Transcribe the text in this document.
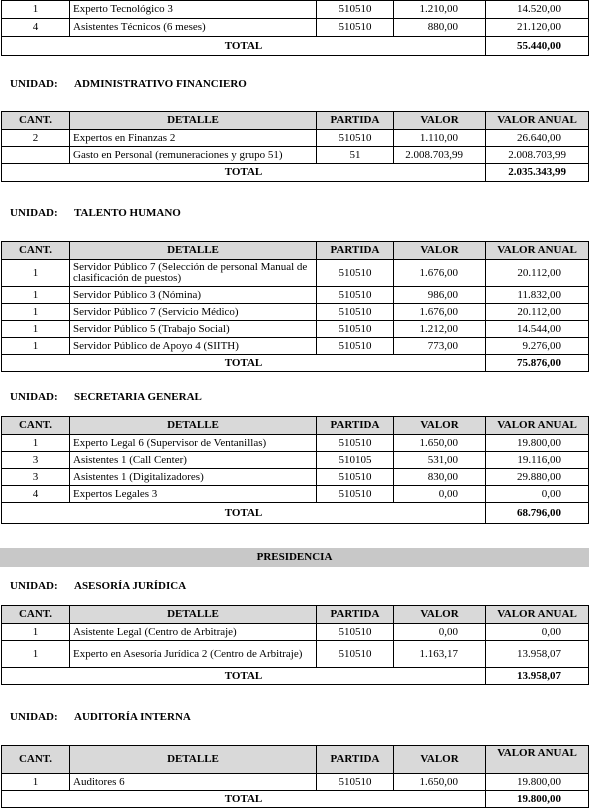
1	Experto Tecnológico 3	510510	1.210,00	14.520,00
4	Asistentes Técnicos (6 meses)	510510	880,00	21.120,00
TOTAL				55.440,00
UNIDAD: ADMINISTRATIVO FINANCIERO
CANT.	DETALLE	PARTIDA	VALOR	VALOR ANUAL
2	Expertos en Finanzas 2	510510	1.110,00	26.640,00
	Gasto en Personal (remuneraciones y grupo 51)	51	2.008.703,99	2.008.703,99
TOTAL				2.035.343,99
UNIDAD: TALENTO HUMANO
CANT.	DETALLE	PARTIDA	VALOR	VALOR ANUAL
1	Servidor Público 7 (Selección de personal Manual de clasificación de puestos)	510510	1.676,00	20.112,00
1	Servidor Público 3 (Nómina)	510510	986,00	11.832,00
1	Servidor Público 7 (Servicio Médico)	510510	1.676,00	20.112,00
1	Servidor Público 5 (Trabajo Social)	510510	1.212,00	14.544,00
1	Servidor Público de Apoyo 4 (SIITH)	510510	773,00	9.276,00
TOTAL				75.876,00
UNIDAD: SECRETARIA GENERAL
CANT.	DETALLE	PARTIDA	VALOR	VALOR ANUAL
1	Experto Legal 6 (Supervisor de Ventanillas)	510510	1.650,00	19.800,00
3	Asistentes 1 (Call Center)	510105	531,00	19.116,00
3	Asistentes 1 (Digitalizadores)	510510	830,00	29.880,00
4	Expertos Legales 3	510510	0,00	0,00
TOTAL				68.796,00
PRESIDENCIA
UNIDAD: ASESORÍA JURÍDICA
CANT.	DETALLE	PARTIDA	VALOR	VALOR ANUAL
1	Asistente Legal (Centro de Arbitraje)	510510	0,00	0,00
1	Experto en Asesoría Jurídica 2 (Centro de Arbitraje)	510510	1.163,17	13.958,07
TOTAL				13.958,07
UNIDAD: AUDITORÍA INTERNA
CANT.	DETALLE	PARTIDA	VALOR	VALOR ANUAL
1	Auditores 6	510510	1.650,00	19.800,00
TOTAL				19.800,00
